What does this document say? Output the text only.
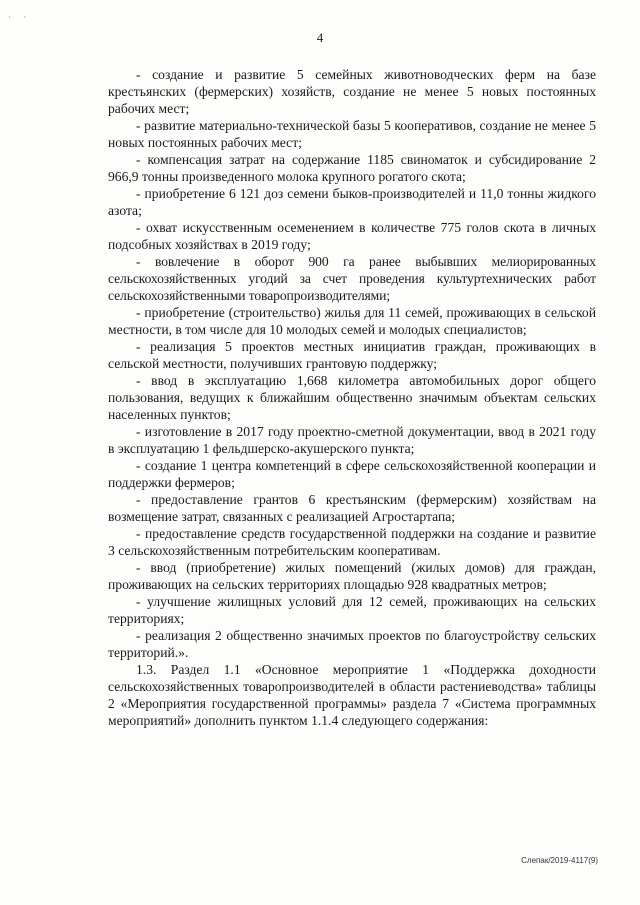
· ·
4

- создание и развитие 5 семейных животноводческих ферм на базе крестьянских (фермерских) хозяйств, создание не менее 5 новых постоянных рабочих мест;

- развитие материально-технической базы 5 кооперативов, создание не менее 5 новых постоянных рабочих мест;

- компенсация затрат на содержание 1185 свиноматок и субсидирование 2 966,9 тонны произведенного молока крупного рогатого скота;

- приобретение 6 121 доз семени быков-производителей и 11,0 тонны жидкого азота;

- охват искусственным осеменением в количестве 775 голов скота в личных подсобных хозяйствах в 2019 году;

- вовлечение в оборот 900 га ранее выбывших мелиорированных сельскохозяйственных угодий за счет проведения культуртехнических работ сельскохозяйственными товаропроизводителями;

- приобретение (строительство) жилья для 11 семей, проживающих в сельской местности, в том числе для 10 молодых семей и молодых специалистов;

- реализация 5 проектов местных инициатив граждан, проживающих в сельской местности, получивших грантовую поддержку;

- ввод в эксплуатацию 1,668 километра автомобильных дорог общего пользования, ведущих к ближайшим общественно значимым объектам сельских населенных пунктов;

- изготовление в 2017 году проектно-сметной документации, ввод в 2021 году в эксплуатацию 1 фельдшерско-акушерского пункта;

- создание 1 центра компетенций в сфере сельскохозяйственной кооперации и поддержки фермеров;

- предоставление грантов 6 крестьянским (фермерским) хозяйствам на возмещение затрат, связанных с реализацией Агростартапа;

- предоставление средств государственной поддержки на создание и развитие 3 сельскохозяйственным потребительским кооперативам.

- ввод (приобретение) жилых помещений (жилых домов) для граждан, проживающих на сельских территориях площадью 928 квадратных метров;

- улучшение жилищных условий для 12 семей, проживающих на сельских территориях;

- реализация 2 общественно значимых проектов по благоустройству сельских территорий.».

1.3. Раздел 1.1 «Основное мероприятие 1 «Поддержка доходности сельскохозяйственных товаропроизводителей в области растениеводства» таблицы 2 «Мероприятия государственной программы» раздела 7 «Система программных мероприятий» дополнить пунктом 1.1.4 следующего содержания:

Слепак/2019-4117(9)
